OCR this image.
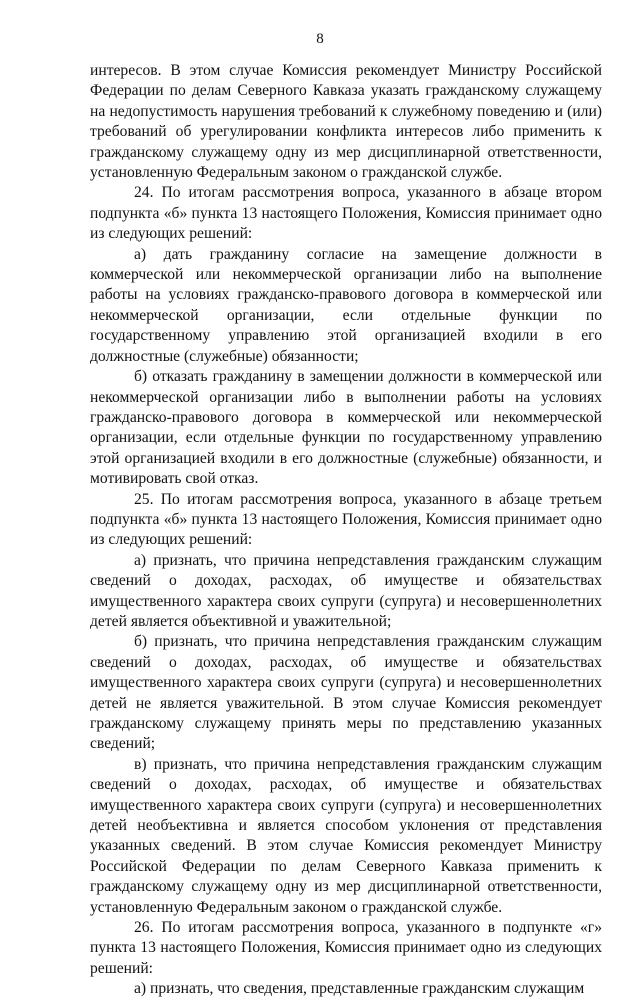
8

интересов. В этом случае Комиссия рекомендует Министру Российской Федерации по делам Северного Кавказа указать гражданскому служащему на недопустимость нарушения требований к служебному поведению и (или) требований об урегулировании конфликта интересов либо применить к гражданскому служащему одну из мер дисциплинарной ответственности, установленную Федеральным законом о гражданской службе.

24. По итогам рассмотрения вопроса, указанного в абзаце втором подпункта «б» пункта 13 настоящего Положения, Комиссия принимает одно из следующих решений:

а) дать гражданину согласие на замещение должности в коммерческой или некоммерческой организации либо на выполнение работы на условиях гражданско-правового договора в коммерческой или некоммерческой организации, если отдельные функции по государственному управлению этой организацией входили в его должностные (служебные) обязанности;

б) отказать гражданину в замещении должности в коммерческой или некоммерческой организации либо в выполнении работы на условиях гражданско-правового договора в коммерческой или некоммерческой организации, если отдельные функции по государственному управлению этой организацией входили в его должностные (служебные) обязанности, и мотивировать свой отказ.

25. По итогам рассмотрения вопроса, указанного в абзаце третьем подпункта «б» пункта 13 настоящего Положения, Комиссия принимает одно из следующих решений:

а) признать, что причина непредставления гражданским служащим сведений о доходах, расходах, об имуществе и обязательствах имущественного характера своих супруги (супруга) и несовершеннолетних детей является объективной и уважительной;

б) признать, что причина непредставления гражданским служащим сведений о доходах, расходах, об имуществе и обязательствах имущественного характера своих супруги (супруга) и несовершеннолетних детей не является уважительной. В этом случае Комиссия рекомендует гражданскому служащему принять меры по представлению указанных сведений;

в) признать, что причина непредставления гражданским служащим сведений о доходах, расходах, об имуществе и обязательствах имущественного характера своих супруги (супруга) и несовершеннолетних детей необъективна и является способом уклонения от представления указанных сведений. В этом случае Комиссия рекомендует Министру Российской Федерации по делам Северного Кавказа применить к гражданскому служащему одну из мер дисциплинарной ответственности, установленную Федеральным законом о гражданской службе.

26. По итогам рассмотрения вопроса, указанного в подпункте «г» пункта 13 настоящего Положения, Комиссия принимает одно из следующих решений:

а) признать, что сведения, представленные гражданским служащим
